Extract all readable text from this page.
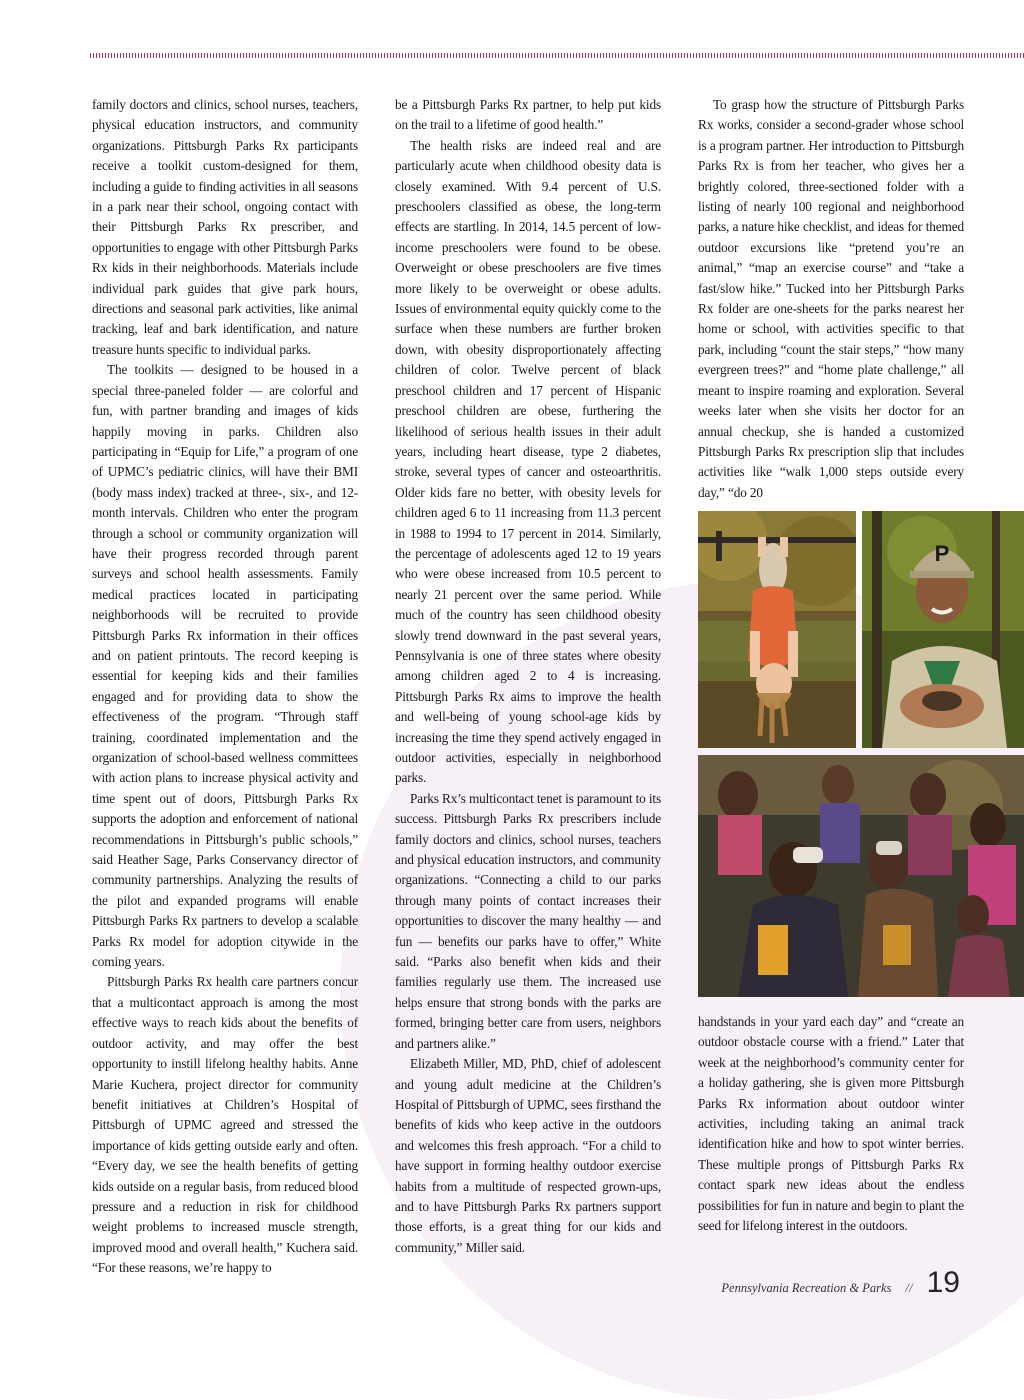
family doctors and clinics, school nurses, teachers, physical education instructors, and community organizations. Pittsburgh Parks Rx participants receive a toolkit custom-designed for them, including a guide to finding activities in all seasons in a park near their school, ongoing contact with their Pittsburgh Parks Rx prescriber, and opportunities to engage with other Pittsburgh Parks Rx kids in their neighborhoods. Materials include individual park guides that give park hours, directions and seasonal park activities, like animal tracking, leaf and bark identification, and nature treasure hunts specific to individual parks.

The toolkits — designed to be housed in a special three-paneled folder — are colorful and fun, with partner branding and images of kids happily moving in parks. Children also participating in “Equip for Life,” a program of one of UPMC’s pediatric clinics, will have their BMI (body mass index) tracked at three-, six-, and 12-month intervals. Children who enter the program through a school or community organization will have their progress recorded through parent surveys and school health assessments. Family medical practices located in participating neighborhoods will be recruited to provide Pittsburgh Parks Rx information in their offices and on patient printouts. The record keeping is essential for keeping kids and their families engaged and for providing data to show the effectiveness of the program. “Through staff training, coordinated implementation and the organization of school-based wellness committees with action plans to increase physical activity and time spent out of doors, Pittsburgh Parks Rx supports the adoption and enforcement of national recommendations in Pittsburgh’s public schools,” said Heather Sage, Parks Conservancy director of community partnerships. Analyzing the results of the pilot and expanded programs will enable Pittsburgh Parks Rx partners to develop a scalable Parks Rx model for adoption citywide in the coming years.

Pittsburgh Parks Rx health care partners concur that a multicontact approach is among the most effective ways to reach kids about the benefits of outdoor activity, and may offer the best opportunity to instill lifelong healthy habits. Anne Marie Kuchera, project director for community benefit initiatives at Children’s Hospital of Pittsburgh of UPMC agreed and stressed the importance of kids getting outside early and often. “Every day, we see the health benefits of getting kids outside on a regular basis, from reduced blood pressure and a reduction in risk for childhood weight problems to increased muscle strength, improved mood and overall health,” Kuchera said. “For these reasons, we’re happy to

be a Pittsburgh Parks Rx partner, to help put kids on the trail to a lifetime of good health.”

The health risks are indeed real and are particularly acute when childhood obesity data is closely examined. With 9.4 percent of U.S. preschoolers classified as obese, the long-term effects are startling. In 2014, 14.5 percent of low-income preschoolers were found to be obese. Overweight or obese preschoolers are five times more likely to be overweight or obese adults. Issues of environmental equity quickly come to the surface when these numbers are further broken down, with obesity disproportionately affecting children of color. Twelve percent of black preschool children and 17 percent of Hispanic preschool children are obese, furthering the likelihood of serious health issues in their adult years, including heart disease, type 2 diabetes, stroke, several types of cancer and osteoarthritis. Older kids fare no better, with obesity levels for children aged 6 to 11 increasing from 11.3 percent in 1988 to 1994 to 17 percent in 2014. Similarly, the percentage of adolescents aged 12 to 19 years who were obese increased from 10.5 percent to nearly 21 percent over the same period. While much of the country has seen childhood obesity slowly trend downward in the past several years, Pennsylvania is one of three states where obesity among children aged 2 to 4 is increasing. Pittsburgh Parks Rx aims to improve the health and well-being of young school-age kids by increasing the time they spend actively engaged in outdoor activities, especially in neighborhood parks.

Parks Rx’s multicontact tenet is paramount to its success. Pittsburgh Parks Rx prescribers include family doctors and clinics, school nurses, teachers and physical education instructors, and community organizations. “Connecting a child to our parks through many points of contact increases their opportunities to discover the many healthy — and fun — benefits our parks have to offer,” White said. “Parks also benefit when kids and their families regularly use them. The increased use helps ensure that strong bonds with the parks are formed, bringing better care from users, neighbors and partners alike.”

Elizabeth Miller, MD, PhD, chief of adolescent and young adult medicine at the Children’s Hospital of Pittsburgh of UPMC, sees firsthand the benefits of kids who keep active in the outdoors and welcomes this fresh approach. “For a child to have support in forming healthy outdoor exercise habits from a multitude of respected grown-ups, and to have Pittsburgh Parks Rx partners support those efforts, is a great thing for our kids and community,” Miller said.

To grasp how the structure of Pittsburgh Parks Rx works, consider a second-grader whose school is a program partner. Her introduction to Pittsburgh Parks Rx is from her teacher, who gives her a brightly colored, three-sectioned folder with a listing of nearly 100 regional and neighborhood parks, a nature hike checklist, and ideas for themed outdoor excursions like “pretend you’re an animal,” “map an exercise course” and “take a fast/slow hike.” Tucked into her Pittsburgh Parks Rx folder are one-sheets for the parks nearest her home or school, with activities specific to that park, including “count the stair steps,” “how many evergreen trees?” and “home plate challenge,” all meant to inspire roaming and exploration. Several weeks later when she visits her doctor for an annual checkup, she is handed a customized Pittsburgh Parks Rx prescription slip that includes activities like “walk 1,000 steps outside every day,” “do 20

P

handstands in your yard each day” and “create an outdoor obstacle course with a friend.” Later that week at the neighborhood’s community center for a holiday gathering, she is given more Pittsburgh Parks Rx information about outdoor winter activities, including taking an animal track identification hike and how to spot winter berries. These multiple prongs of Pittsburgh Parks Rx contact spark new ideas about the endless possibilities for fun in nature and begin to plant the seed for lifelong interest in the outdoors.

Pennsylvania Recreation & Parks // 19
